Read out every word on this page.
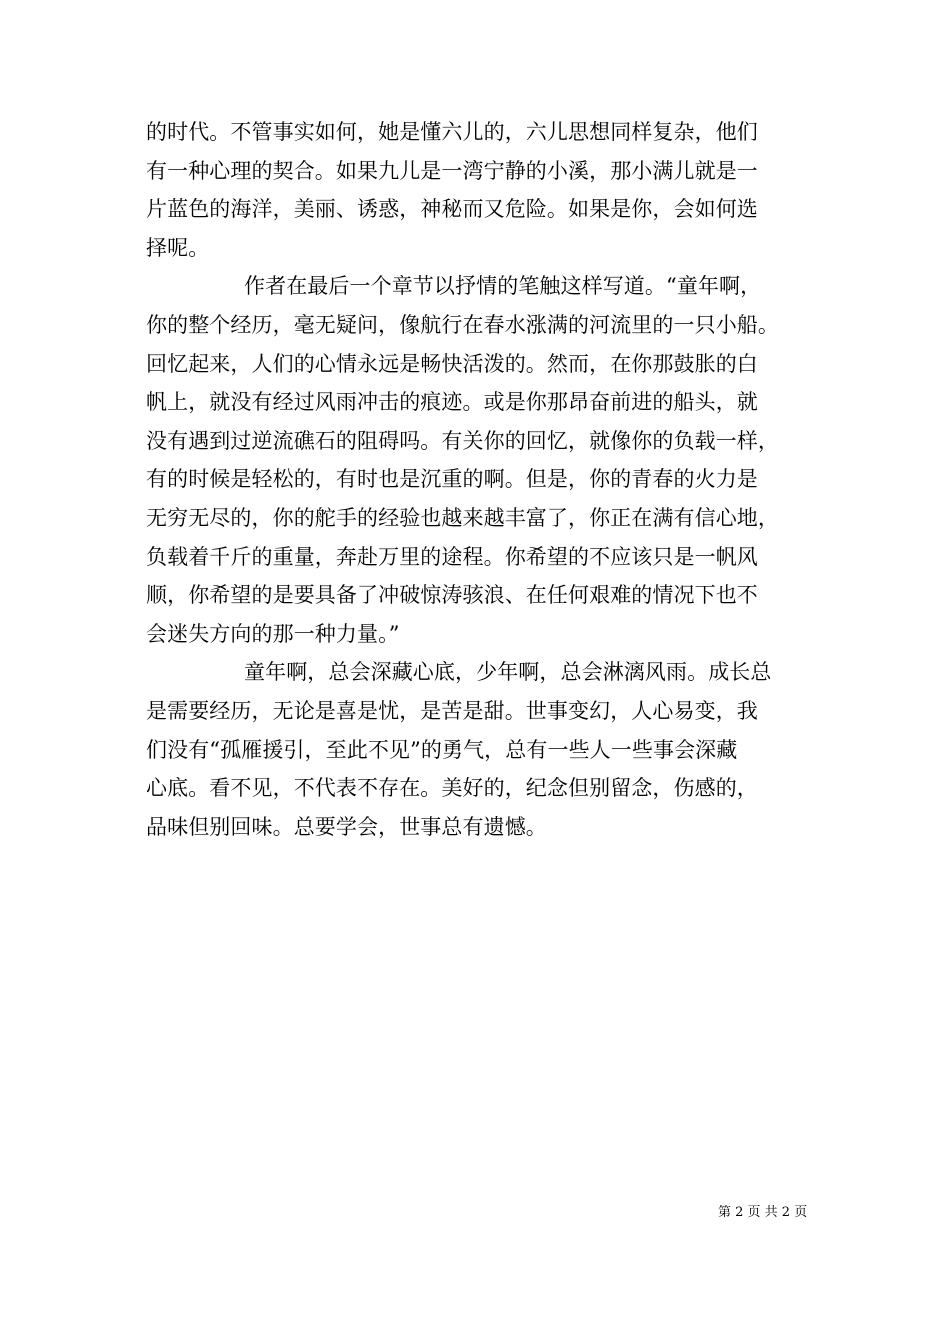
的时代。不管事实如何，她是懂六儿的，六儿思想同样复杂，他们
有一种心理的契合。如果九儿是一湾宁静的小溪，那小满儿就是一
片蓝色的海洋，美丽、诱惑，神秘而又危险。如果是你，会如何选
择呢。
作者在最后一个章节以抒情的笔触这样写道。“童年啊，
你的整个经历，毫无疑问，像航行在春水涨满的河流里的一只小船。
回忆起来，人们的心情永远是畅快活泼的。然而，在你那鼓胀的白
帆上，就没有经过风雨冲击的痕迹。或是你那昂奋前进的船头，就
没有遇到过逆流礁石的阻碍吗。有关你的回忆，就像你的负载一样，
有的时候是轻松的，有时也是沉重的啊。但是，你的青春的火力是
无穷无尽的，你的舵手的经验也越来越丰富了，你正在满有信心地，
负载着千斤的重量，奔赴万里的途程。你希望的不应该只是一帆风
顺，你希望的是要具备了冲破惊涛骇浪、在任何艰难的情况下也不
会迷失方向的那一种力量。”
童年啊，总会深藏心底，少年啊，总会淋漓风雨。成长总
是需要经历，无论是喜是忧，是苦是甜。世事变幻，人心易变，我
们没有“孤雁援引，至此不见”的勇气，总有一些人一些事会深藏
心底。看不见，不代表不存在。美好的，纪念但别留念，伤感的，
品味但别回味。总要学会，世事总有遗憾。
第 2 页 共 2 页
